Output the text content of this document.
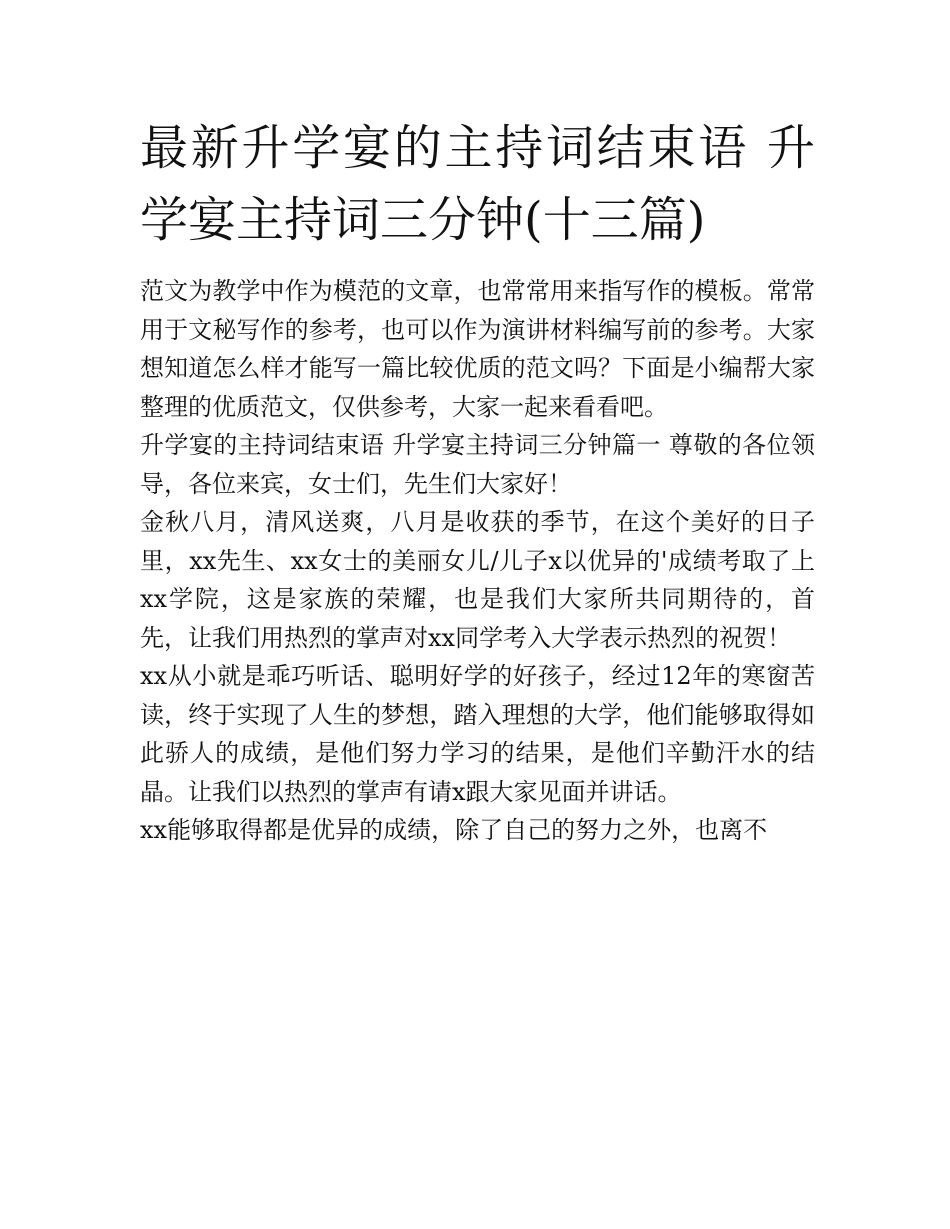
最新升学宴的主持词结束语 升学宴主持词三分钟(十三篇)

范文为教学中作为模范的文章，也常常用来指写作的模板。常常用于文秘写作的参考，也可以作为演讲材料编写前的参考。大家想知道怎么样才能写一篇比较优质的范文吗？下面是小编帮大家整理的优质范文，仅供参考，大家一起来看看吧。

升学宴的主持词结束语 升学宴主持词三分钟篇一 尊敬的各位领导，各位来宾，女士们，先生们大家好！

金秋八月，清风送爽，八月是收获的季节，在这个美好的日子里，xx先生、xx女士的美丽女儿/儿子x以优异的'成绩考取了上xx学院，这是家族的荣耀，也是我们大家所共同期待的，首先，让我们用热烈的掌声对xx同学考入大学表示热烈的祝贺！

xx从小就是乖巧听话、聪明好学的好孩子，经过12年的寒窗苦读，终于实现了人生的梦想，踏入理想的大学，他们能够取得如此骄人的成绩，是他们努力学习的结果，是他们辛勤汗水的结晶。让我们以热烈的掌声有请x跟大家见面并讲话。

xx能够取得都是优异的成绩，除了自己的努力之外，也离不
